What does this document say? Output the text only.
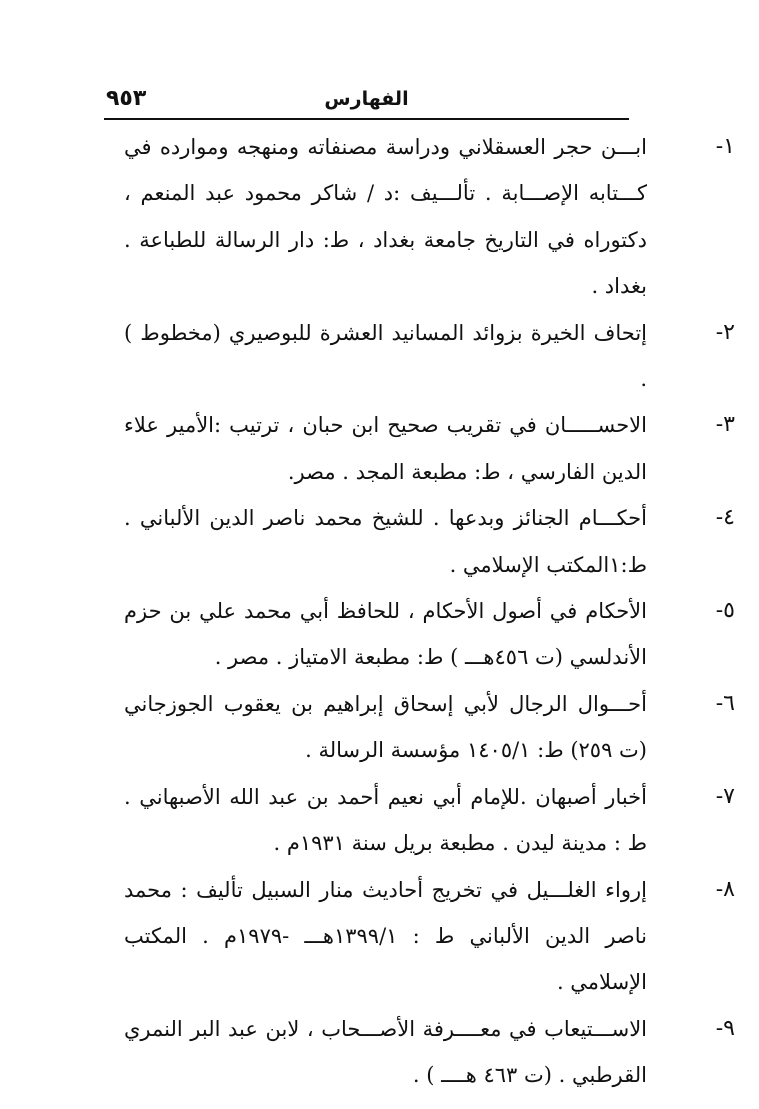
الفهارس
٩٥٣
١-
ابـــن حجر العسقلاني ودراسة مصنفاته ومنهجه وموارده في كـــتابه الإصـــابة . تألـــيف :د / شاكر محمود عبد المنعم ، دكتوراه في التاريخ جامعة بغداد ، ط: دار الرسالة للطباعة . بغداد .
٢-
إتحاف الخيرة بزوائد المسانيد العشرة للبوصيري (مخطوط ) .
٣-
الاحســـــان في تقريب صحيح ابن حبان ، ترتيب :الأمير علاء الدين الفارسي ، ط: مطبعة المجد . مصر.
٤-
أحكـــام الجنائز وبدعها . للشيخ محمد ناصر الدين الألباني . ط:١المكتب الإسلامي .
٥-
الأحكام في أصول الأحكام ، للحافظ أبي محمد علي بن حزم الأندلسي (ت ٤٥٦هـــ ) ط: مطبعة الامتياز . مصر .
٦-
أحـــوال الرجال لأبي إسحاق إبراهيم بن يعقوب الجوزجاني (ت ٢٥٩) ط: ١٤٠٥/١ مؤسسة الرسالة .
٧-
أخبار أصبهان .للإمام أبي نعيم أحمد بن عبد الله الأصبهاني . ط : مدينة ليدن . مطبعة بريل سنة ١٩٣١م .
٨-
إرواء الغلـــيل في تخريج أحاديث منار السبيل تأليف : محمد ناصر الدين الألباني ط : ١٣٩٩/١هـــ -١٩٧٩م . المكتب الإسلامي .
٩-
الاســـتيعاب في معــــرفة الأصـــحاب ، لابن عبد البر النمري القرطبي . (ت ٤٦٣ هــــ ) .
